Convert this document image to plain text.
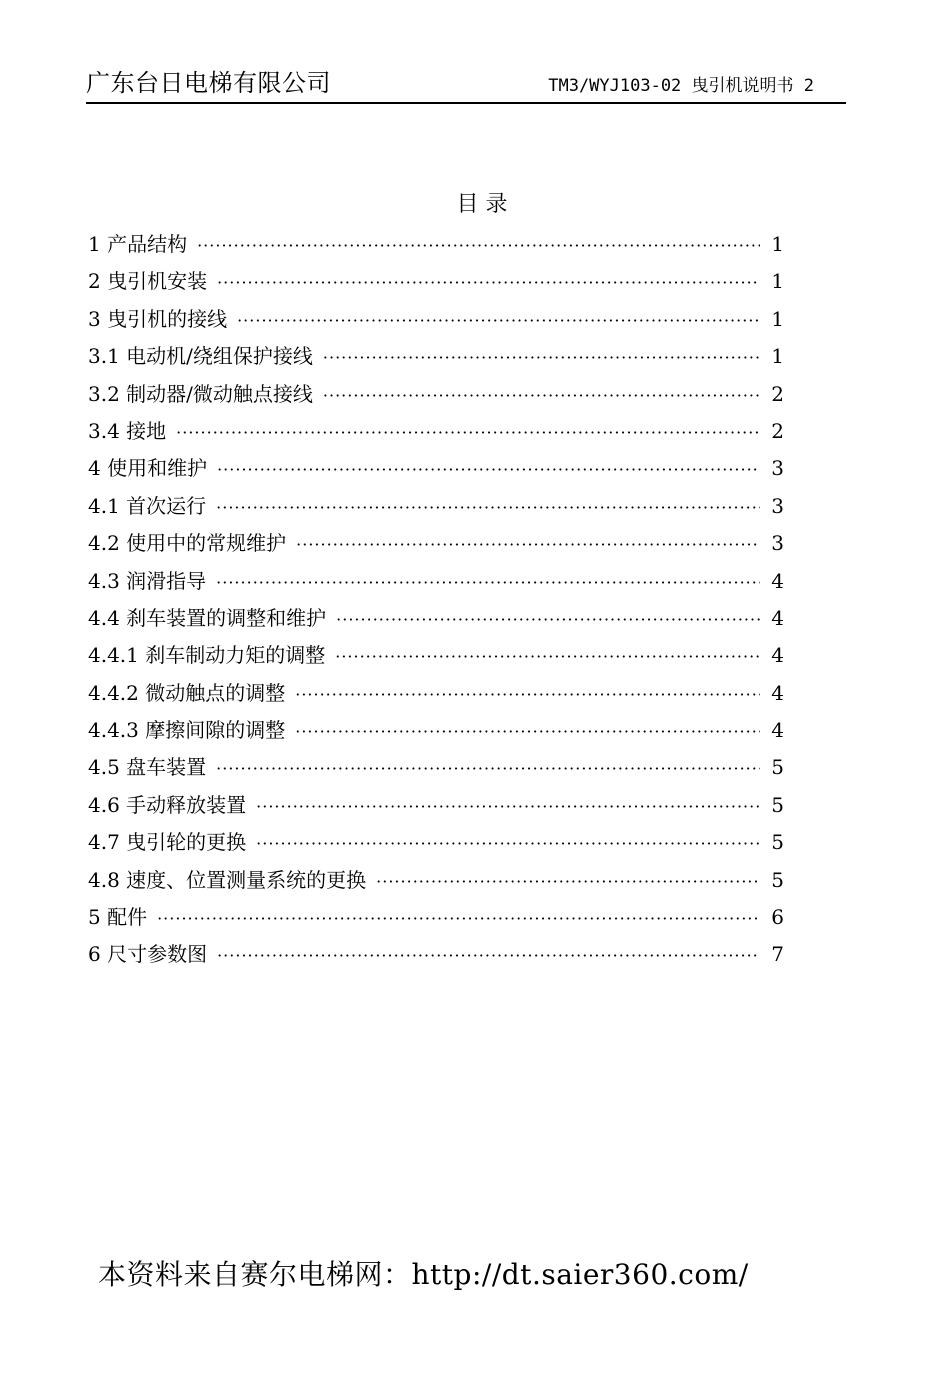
广东台日电梯有限公司	TM3/WYJ103-02 曳引机说明书 2
目 录
1 产品结构 ·····	1
2 曳引机安装 ·····	1
3 曳引机的接线 ·····	1
3.1 电动机/绕组保护接线 ·····	1
3.2 制动器/微动触点接线 ·····	2
3.4 接地 ·····	2
4 使用和维护 ·····	3
4.1 首次运行 ·····	3
4.2 使用中的常规维护 ·····	3
4.3 润滑指导 ·····	4
4.4 刹车装置的调整和维护 ·····	4
4.4.1 刹车制动力矩的调整 ·····	4
4.4.2 微动触点的调整 ·····	4
4.4.3 摩擦间隙的调整 ·····	4
4.5 盘车装置 ·····	5
4.6 手动释放装置 ·····	5
4.7 曳引轮的更换 ·····	5
4.8 速度、位置测量系统的更换 ·····	5
5 配件 ·····	6
6 尺寸参数图 ·····	7
本资料来自赛尔电梯网：http://dt.saier360.com/
